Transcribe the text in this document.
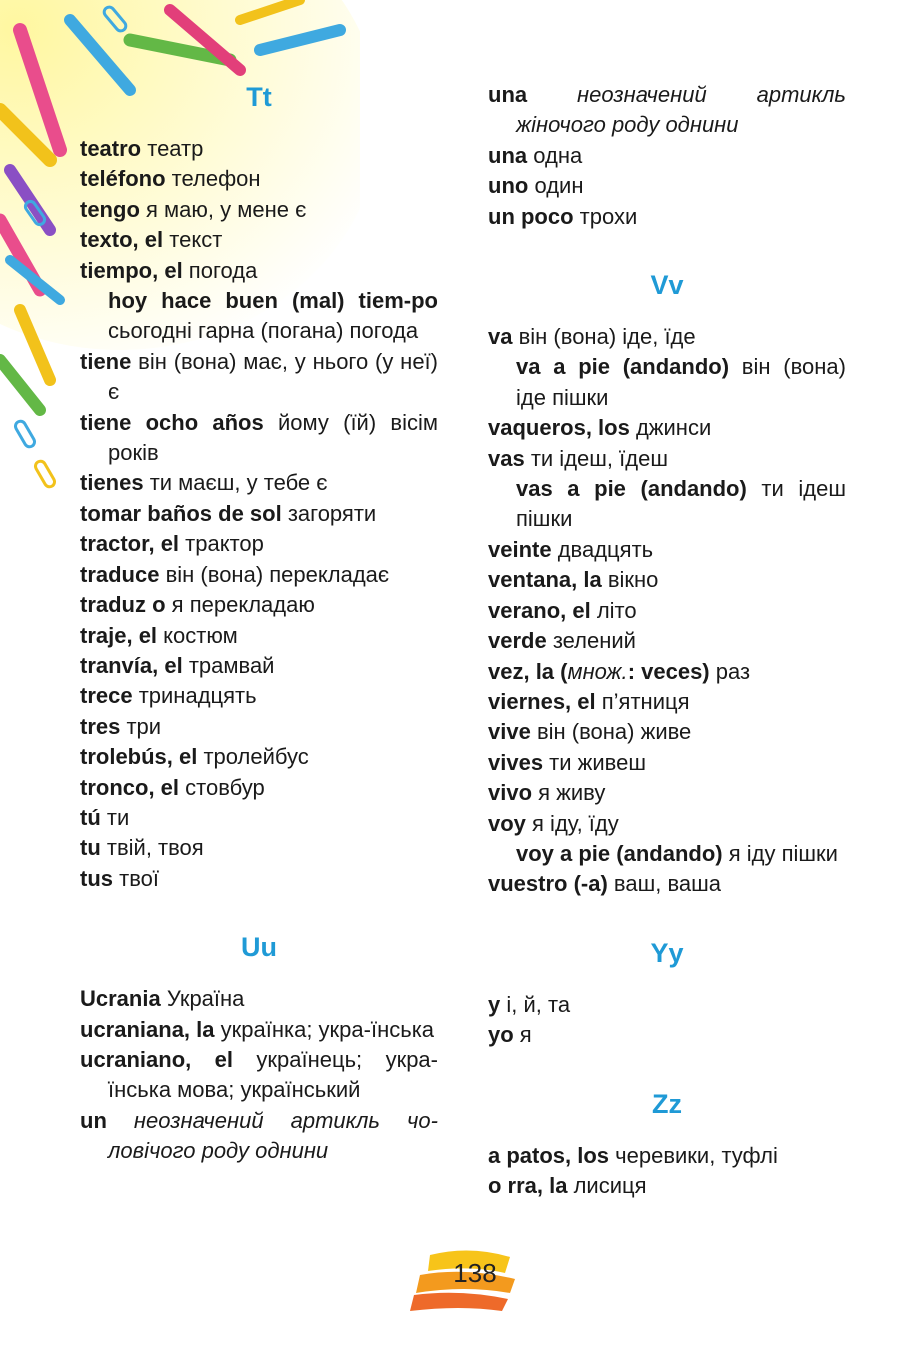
Tt

teatro театр

teléfono телефон

tengo я маю, у мене є

texto, el текст

tiempo, el погода

hoy hace buen (mal) tiem-po сьогодні гарна (погана) погода

tiene він (вона) має, у нього (у неї) є

tiene ocho años йому (їй) вісім років

tienes ти маєш, у тебе є

tomar baños de sol загоряти

tractor, el трактор

traduce він (вона) перекладає

traduz o я перекладаю

traje, el костюм

tranvía, el трамвай

trece тринадцять

tres три

trolebús, el тролейбус

tronco, el стовбур

tú ти

tu твій, твоя

tus твої

Uu

Ucrania Україна

ucraniana, la українка; укра-їнська

ucraniano, el українець; укра-їнська мова; український

un неозначений артикль чо-ловічого роду однини

una неозначений артикль жіночого роду однини

una одна

uno один

un poco трохи

Vv

va він (вона) іде, їде

va a pie (andando) він (вона) іде пішки

vaqueros, los джинси

vas ти ідеш, їдеш

vas a pie (andando) ти ідеш пішки

veinte двадцять

ventana, la вікно

verano, el літо

verde зелений

vez, la (множ.: veces) раз

viernes, el п’ятниця

vive він (вона) живе

vives ти живеш

vivo я живу

voy я іду, їду

voy a pie (andando) я іду пішки

vuestro (-a) ваш, ваша

Yy

y і, й, та

yo я

Zz

a patos, los черевики, туфлі

o rra, la лисиця

138
